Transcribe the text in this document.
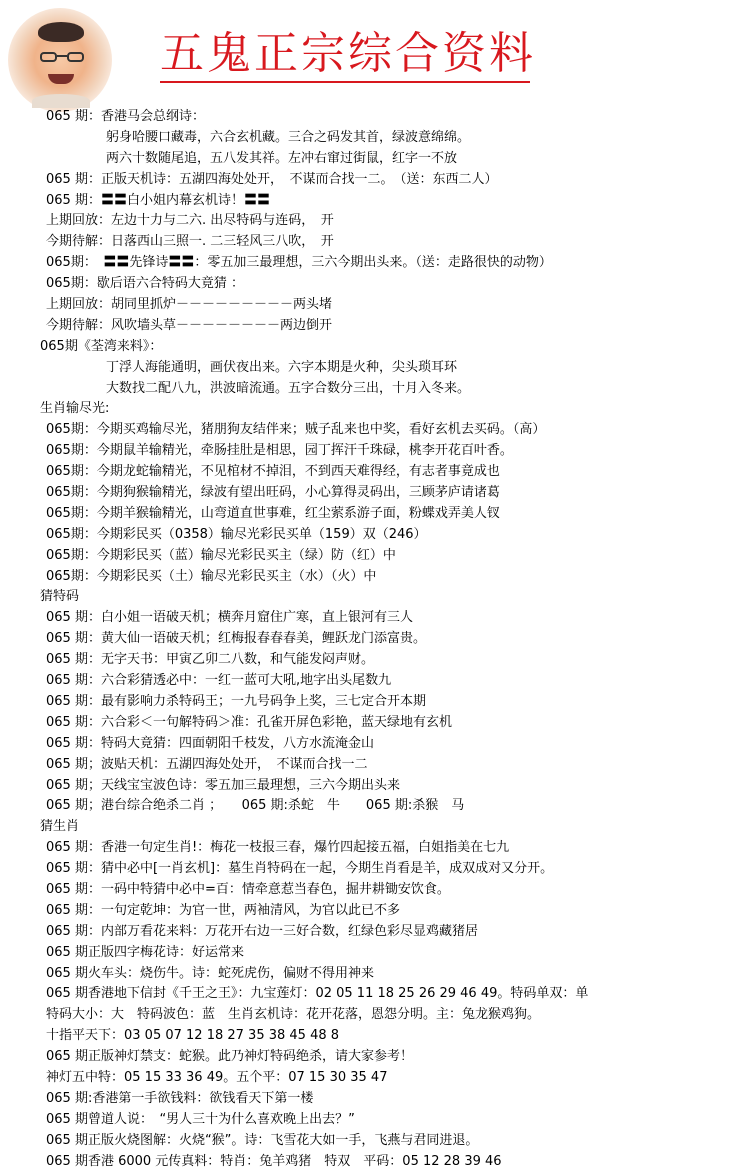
五鬼正宗综合资料
065 期：香港马会总纲诗：
躬身哈腰口藏毒，六合玄机藏。三合之码发其首，绿波意绵绵。
两六十数随尾追，五八发其祥。左冲右窜过街鼠，红字一不放
065 期：正版天机诗：五湖四海处处开，　不谋而合找一二。　（送：东西二人）
065 期：〓〓白小姐内幕玄机诗！〓〓
上期回放：左边十力与二六. 出尽特码与连码，　开
今期待解：日落西山三照一. 二三轻风三八吹，　开
065期：　〓〓先锋诗〓〓：零五加三最理想，三六今期出头来。（送：走路很快的动物）
065期：歇后语六合特码大竟猜 ：
上期回放：胡同里抓炉－－－－－－－－－两头堵
今期待解：风吹墙头草－－－－－－－－两边倒开
065期《荃湾来料》：
丁浮人海能通明，画伏夜出来。六字本期是火种，尖头琐耳环
大数找二配八九，洪波暗流通。五字合数分三出，十月入冬来。
生肖输尽光:
065期：今期买鸡输尽光，猪朋狗友结伴来；贼子乱来也中奖，看好玄机去买码。（高）
065期：今期鼠羊输精光，牵肠挂肚是相思，园丁挥汗千珠碌，桃李开花百叶香。
065期：今期龙蛇输精光，不见棺材不掉泪，不到西天难得经，有志者事竟成也
065期：今期狗猴输精光，绿波有望出旺码，小心算得灵码出，三顾茅庐请诸葛
065期：今期羊猴输精光，山弯道直世事难，红尘萦系游子面，粉蝶戏弄美人钗
065期：今期彩民买（0358）输尽光彩民买单（159）双（246）
065期：今期彩民买（蓝）输尽光彩民买主（绿）防（红）中
065期：今期彩民买（土）输尽光彩民买主（水）（火）中
猜特码
065 期：白小姐一语破天机；横奔月窟住广寒，直上银河有三人
065 期：黄大仙一语破天机；红梅报春春春美，鲤跃龙门添富贵。
065 期：无字天书：甲寅乙卯二八数，和气能发闷声财。
065 期：六合彩猜透必中：一红一蓝可大吼,地字出头尾数九
065 期：最有影响力杀特码王；一九号码争上奖，三七定合开本期
065 期：六合彩＜一句解特码＞准：孔雀开屏色彩艳，蓝天绿地有玄机
065 期：特码大竟猜：四面朝阳千枝发，八方水流淹金山
065 期；波贴天机：五湖四海处处开，　不谋而合找一二
065 期；天线宝宝波色诗：零五加三最理想，三六今期出头来
065 期；港台综合绝杀二肖 ；　　065 期:杀蛇　牛　　065 期:杀猴　马
猜生肖
065 期：香港一句定生肖!：梅花一枝报三春，爆竹四起接五福，白姐指美在七九
065 期：猜中必中[一肖玄机]：墓生肖特码在一起，今期生肖看是羊，成双成对又分开。
065 期：一码中特猜中必中=百：情牵意惹当春色，掘井耕锄安饮食。
065 期：一句定乾坤：为官一世，两袖清风，为官以此已不多
065 期：内部万看花来料：万花开右边一三好合数，红绿色彩尽显鸡藏猪居
065 期正版四字梅花诗：好运常来
065 期火车头：烧伤牛。诗：蛇死虎伤，偏财不得用神来
065 期香港地下信封《千王之王》：九宝莲灯：02 05 11 18 25 26 29 46 49。特码单双：单
特码大小：大　特码波色：蓝　生肖玄机诗：花开花落，恩怨分明。主：兔龙猴鸡狗。
十指平天下：03 05 07 12 18 27 35 38 45 48 8
065 期正版神灯禁支：蛇猴。此乃神灯特码绝杀，请大家参考！
神灯五中特：05 15 33 36 49。五个平：07 15 30 35 47
065 期:香港第一手欲钱料：欲钱看天下第一楼
065 期曾道人说：　“男人三十为什么喜欢晚上出去？”
065 期正版火烧图解：火烧“猴”。诗：飞雪花大如一手，飞燕与君同进退。
065 期香港 6000 元传真料：特肖：兔羊鸡猪　特双　平码：05 12 28 39 46
